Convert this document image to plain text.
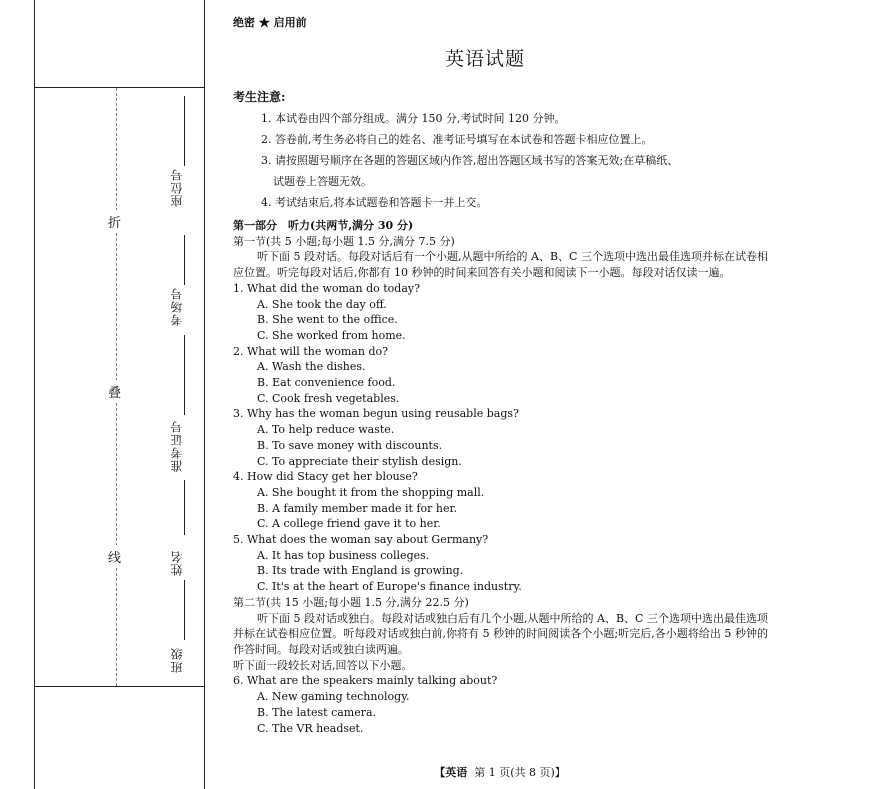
折
叠
线
座位号
考场号
准考证号
姓名
班级
绝密 ★ 启用前
英语试题
考生注意:
1. 本试卷由四个部分组成。满分 150 分,考试时间 120 分钟。
2. 答卷前,考生务必将自己的姓名、准考证号填写在本试卷和答题卡相应位置上。
3. 请按照题号顺序在各题的答题区域内作答,超出答题区域书写的答案无效;在草稿纸、
试题卷上答题无效。
4. 考试结束后,将本试题卷和答题卡一并上交。
第一部分　听力(共两节,满分 30 分)
第一节(共 5 小题;每小题 1.5 分,满分 7.5 分)
听下面 5 段对话。每段对话后有一个小题,从题中所给的 A、B、C 三个选项中选出最佳选项并标在试卷相应位置。听完每段对话后,你都有 10 秒钟的时间来回答有关小题和阅读下一小题。每段对话仅读一遍。
1. What did the woman do today?
A. She took the day off.
B. She went to the office.
C. She worked from home.
2. What will the woman do?
A. Wash the dishes.
B. Eat convenience food.
C. Cook fresh vegetables.
3. Why has the woman begun using reusable bags?
A. To help reduce waste.
B. To save money with discounts.
C. To appreciate their stylish design.
4. How did Stacy get her blouse?
A. She bought it from the shopping mall.
B. A family member made it for her.
C. A college friend gave it to her.
5. What does the woman say about Germany?
A. It has top business colleges.
B. Its trade with England is growing.
C. It's at the heart of Europe's finance industry.
第二节(共 15 小题;每小题 1.5 分,满分 22.5 分)
听下面 5 段对话或独白。每段对话或独白后有几个小题,从题中所给的 A、B、C 三个选项中选出最佳选项并标在试卷相应位置。听每段对话或独白前,你将有 5 秒钟的时间阅读各个小题;听完后,各小题将给出 5 秒钟的作答时间。每段对话或独白读两遍。
听下面一段较长对话,回答以下小题。
6. What are the speakers mainly talking about?
A. New gaming technology.
B. The latest camera.
C. The VR headset.
【英语 第 1 页(共 8 页)】
